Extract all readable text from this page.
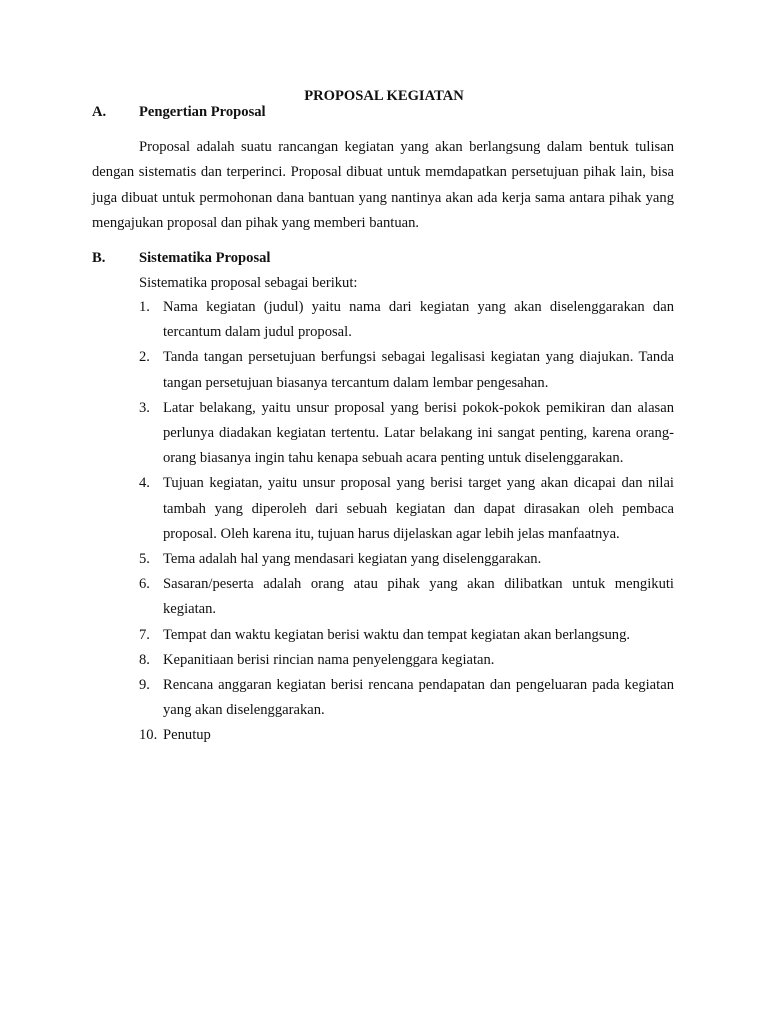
PROPOSAL KEGIATAN
A. Pengertian Proposal

Proposal adalah suatu rancangan kegiatan yang akan berlangsung dalam bentuk tulisan dengan sistematis dan terperinci. Proposal dibuat untuk memdapatkan persetujuan pihak lain, bisa juga dibuat untuk permohonan dana bantuan yang nantinya akan ada kerja sama antara pihak yang mengajukan proposal dan pihak yang memberi bantuan.

B. Sistematika Proposal
Sistematika proposal sebagai berikut:
1. Nama kegiatan (judul) yaitu nama dari kegiatan yang akan diselenggarakan dan tercantum dalam judul proposal.
2. Tanda tangan persetujuan berfungsi sebagai legalisasi kegiatan yang diajukan. Tanda tangan persetujuan biasanya tercantum dalam lembar pengesahan.
3. Latar belakang, yaitu unsur proposal yang berisi pokok-pokok pemikiran dan alasan perlunya diadakan kegiatan tertentu. Latar belakang ini sangat penting, karena orang-orang biasanya ingin tahu kenapa sebuah acara penting untuk diselenggarakan.
4. Tujuan kegiatan, yaitu unsur proposal yang berisi target yang akan dicapai dan nilai tambah yang diperoleh dari sebuah kegiatan dan dapat dirasakan oleh pembaca proposal. Oleh karena itu, tujuan harus dijelaskan agar lebih jelas manfaatnya.
5. Tema adalah hal yang mendasari kegiatan yang diselenggarakan.
6. Sasaran/peserta adalah orang atau pihak yang akan dilibatkan untuk mengikuti kegiatan.
7. Tempat dan waktu kegiatan berisi waktu dan tempat kegiatan akan berlangsung.
8. Kepanitiaan berisi rincian nama penyelenggara kegiatan.
9. Rencana anggaran kegiatan berisi rencana pendapatan dan pengeluaran pada kegiatan yang akan diselenggarakan.
10. Penutup
